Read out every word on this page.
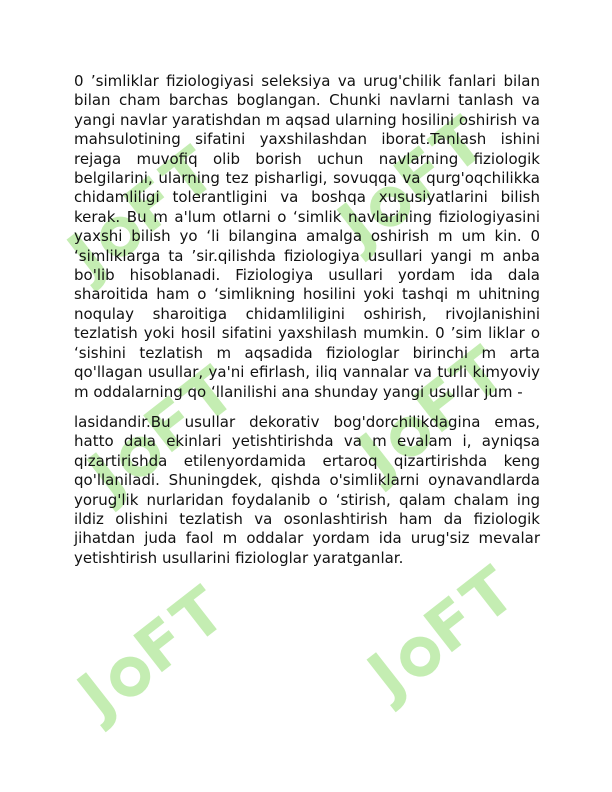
JFT JFT
JFT JFT
JFT JFT

0 ʼsimliklar fiziologiyasi seleksiya va urug'chilik fanlari bilan bilan cham barchas boglangan. Chunki navlarni tanlash va yangi navlar yaratishdan m aqsad ularning hosilini oshirish va mahsulotining sifatini yaxshilashdan iborat.Tanlash ishini rejaga muvofiq olib borish uchun navlarning fiziologik belgilarini, ularning tez pisharligi, sovuqqa va qurg'oqchilikka chidamliligi tolerantligini va boshqa xususiyatlarini bilish kerak. Bu m a'lum otlarni o ʻsimlik navlarining fiziologiyasini yaxshi bilish yo ʻli bilangina amalga oshirish m um kin. 0 ʻsimliklarga ta ʼsir.qilishda fiziologiya usullari yangi m anba bo'lib hisoblanadi. Fiziologiya usullari yordam ida dala sharoitida ham o ʻsimlikning hosilini yoki tashqi m uhitning noqulay sharoitiga chidamliligini oshirish, rivojlanishini tezlatish yoki hosil sifatini yaxshilash mumkin. 0 ʼsim liklar o ʻsishini tezlatish m aqsadida fiziologlar birinchi m arta qo'llagan usullar, ya'ni efirlash, iliq vannalar va turli kimyoviy m oddalarning qo ʻllanilishi ana shunday yangi usullar jum -

lasidandir.Bu usullar dekorativ bog'dorchilikdagina emas, hatto dala ekinlari yetishtirishda va m evalam i, ayniqsa qizartirishda etilenyordamida ertaroq qizartirishda keng qo'llaniladi. Shuningdek, qishda o'simliklarni oynavandlarda yorug'lik nurlaridan foydalanib o ʻstirish, qalam chalam ing ildiz olishini tezlatish va osonlashtirish ham da fiziologik jihatdan juda faol m oddalar yordam ida urug'siz mevalar yetishtirish usullarini fiziologlar yaratganlar.
